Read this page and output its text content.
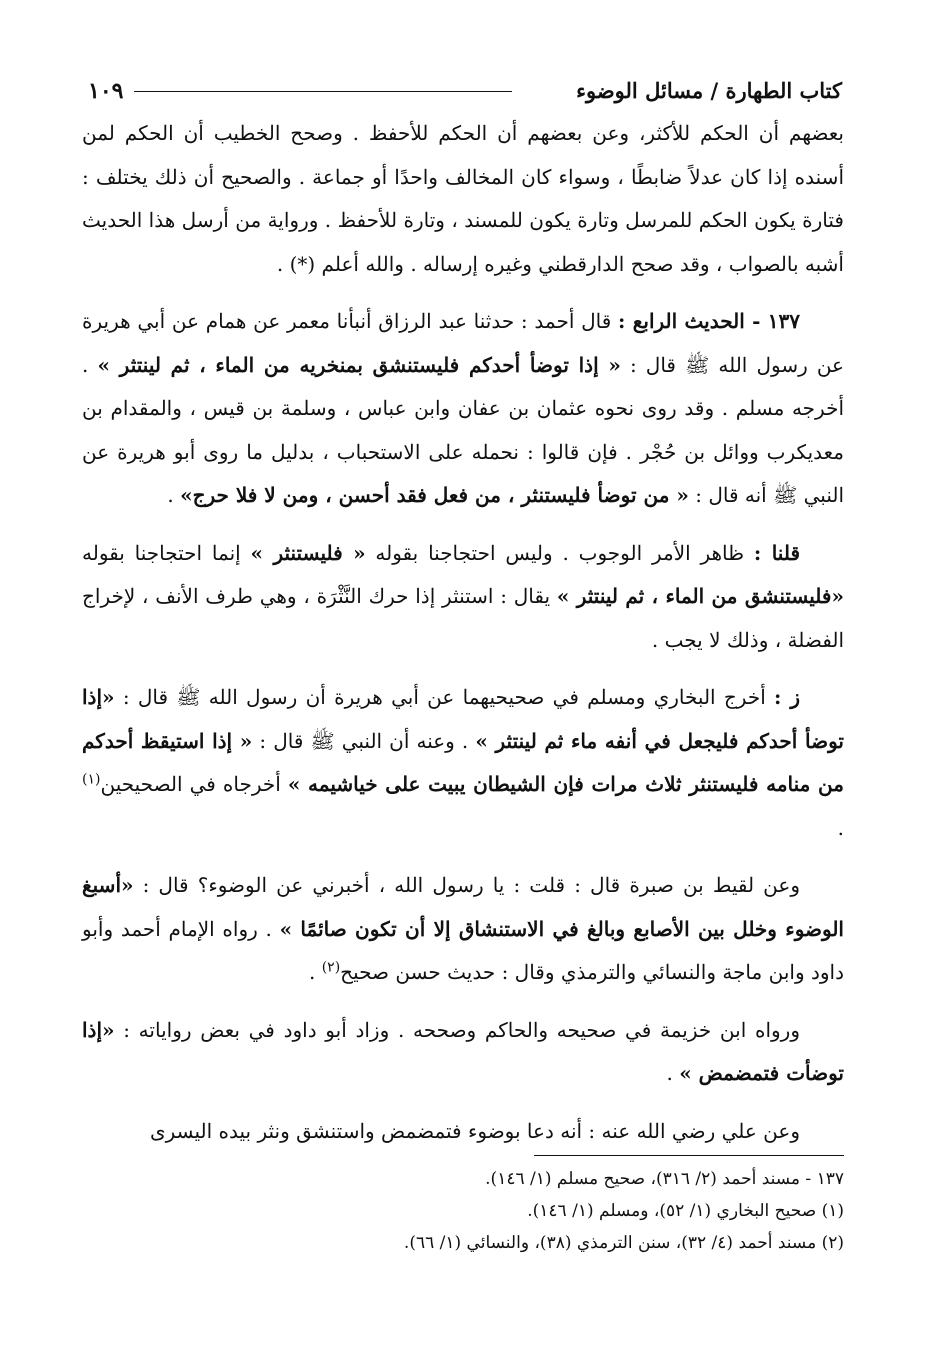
١٠٩	كتاب الطهارة / مسائل الوضوء

بعضهم أن الحكم للأكثر، وعن بعضهم أن الحكم للأحفظ . وصحح الخطيب أن الحكم لمن أسنده إذا كان عدلاً ضابطًا ، وسواء كان المخالف واحدًا أو جماعة . والصحيح أن ذلك يختلف : فتارة يكون الحكم للمرسل وتارة يكون للمسند ، وتارة للأحفظ . ورواية من أرسل هذا الحديث أشبه بالصواب ، وقد صحح الدارقطني وغيره إرساله . والله أعلم (*) .

١٣٧ - الحديث الرابع : قال أحمد : حدثنا عبد الرزاق أنبأنا معمر عن همام عن أبي هريرة عن رسول الله ﷺ قال : « إذا توضأ أحدكم فليستنشق بمنخريه من الماء ، ثم لينتثر » . أخرجه مسلم . وقد روى نحوه عثمان بن عفان وابن عباس ، وسلمة بن قيس ، والمقدام بن معديكرب ووائل بن حُجْر . فإن قالوا : نحمله على الاستحباب ، بدليل ما روى أبو هريرة عن النبي ﷺ أنه قال : « من توضأ فليستنثر ، من فعل فقد أحسن ، ومن لا فلا حرج» .

قلنا : ظاهر الأمر الوجوب . وليس احتجاجنا بقوله « فليستنثر » إنما احتجاجنا بقوله «فليستنشق من الماء ، ثم لينتثر » يقال : استنثر إذا حرك النَّثْرَة ، وهي طرف الأنف ، لإخراج الفضلة ، وذلك لا يجب .

ز : أخرج البخاري ومسلم في صحيحيهما عن أبي هريرة أن رسول الله ﷺ قال : «إذا توضأ أحدكم فليجعل في أنفه ماء ثم لينتثر » . وعنه أن النبي ﷺ قال : « إذا استيقظ أحدكم من منامه فليستنثر ثلاث مرات فإن الشيطان يبيت على خياشيمه » أخرجاه في الصحيحين$^{(١)}$ .

وعن لقيط بن صبرة قال : قلت : يا رسول الله ، أخبرني عن الوضوء؟ قال : «أسبغ الوضوء وخلل بين الأصابع وبالغ في الاستنشاق إلا أن تكون صائمًا » . رواه الإمام أحمد وأبو داود وابن ماجة والنسائي والترمذي وقال : حديث حسن صحيح$^{(٢)}$ .

ورواه ابن خزيمة في صحيحه والحاكم وصححه . وزاد أبو داود في بعض رواياته : «إذا توضأت فتمضمض » .

وعن علي رضي الله عنه : أنه دعا بوضوء فتمضمض واستنشق ونثر بيده اليسرى

١٣٧ - مسند أحمد (٢/ ٣١٦)، صحيح مسلم (١/ ١٤٦).
(١) صحيح البخاري (١/ ٥٢)، ومسلم (١/ ١٤٦).
(٢) مسند أحمد (٤/ ٣٢)، سنن الترمذي (٣٨)، والنسائي (١/ ٦٦).
